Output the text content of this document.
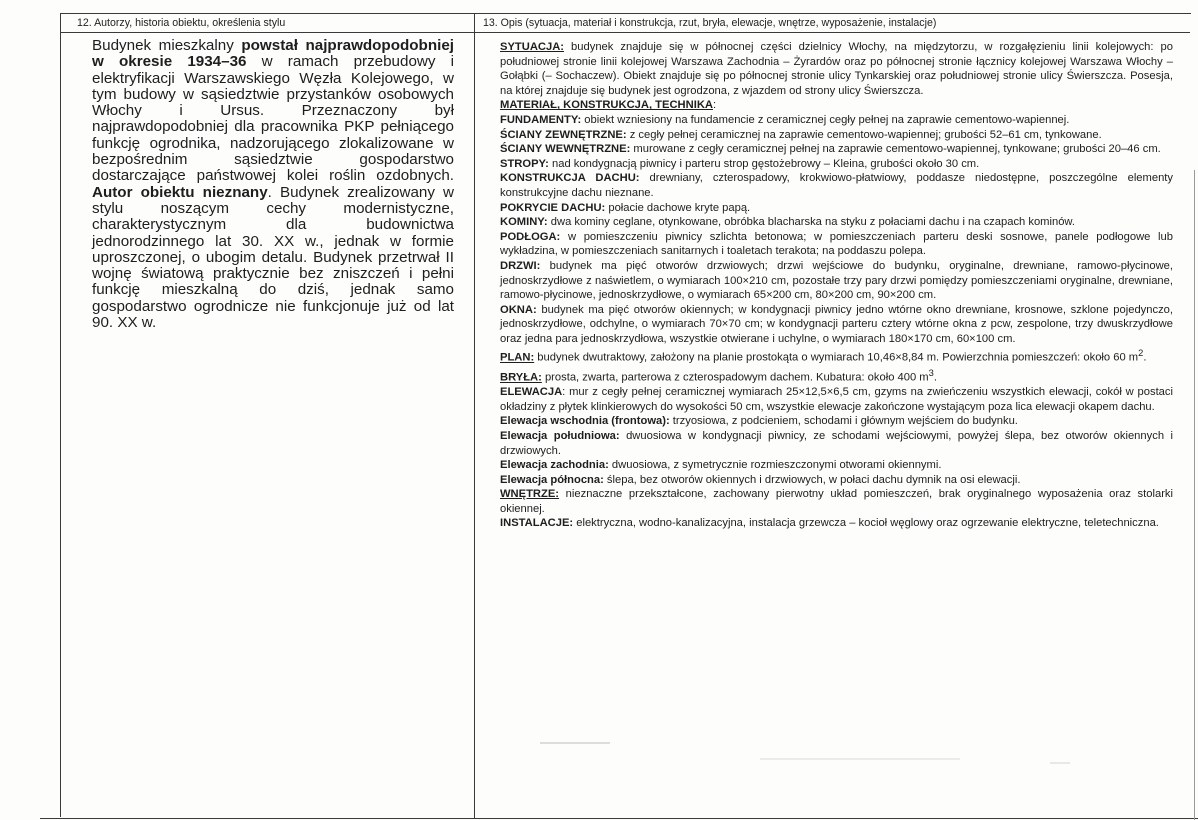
12. Autorzy, historia obiektu, określenia stylu	13. Opis (sytuacja, materiał i konstrukcja, rzut, bryła, elewacje, wnętrze, wyposażenie, instalacje)
Budynek mieszkalny powstał najprawdopodobniej w okresie 1934–36 w ramach przebudowy i elektryfikacji Warszawskiego Węzła Kolejowego, w tym budowy w sąsiedztwie przystanków osobowych Włochy i Ursus. Przeznaczony był najprawdopodobniej dla pracownika PKP pełniącego funkcję ogrodnika, nadzorującego zlokalizowane w bezpośrednim sąsiedztwie gospodarstwo dostarczające państwowej kolei roślin ozdobnych. Autor obiektu nieznany. Budynek zrealizowany w stylu noszącym cechy modernistyczne, charakterystycznym dla budownictwa jednorodzinnego lat 30. XX w., jednak w formie uproszczonej, o ubogim detalu. Budynek przetrwał II wojnę światową praktycznie bez zniszczeń i pełni funkcję mieszkalną do dziś, jednak samo gospodarstwo ogrodnicze nie funkcjonuje już od lat 90. XX w.

SYTUACJA: budynek znajduje się w północnej części dzielnicy Włochy, na międzytorzu, w rozgałęzieniu linii kolejowych: po południowej stronie linii kolejowej Warszawa Zachodnia – Żyrardów oraz po północnej stronie łącznicy kolejowej Warszawa Włochy – Gołąbki (– Sochaczew). Obiekt znajduje się po północnej stronie ulicy Tynkarskiej oraz południowej stronie ulicy Świerszcza. Posesja, na której znajduje się budynek jest ogrodzona, z wjazdem od strony ulicy Świerszcza.

MATERIAŁ, KONSTRUKCJA, TECHNIKA:

FUNDAMENTY: obiekt wzniesiony na fundamencie z ceramicznej cegły pełnej na zaprawie cementowo-wapiennej.

ŚCIANY ZEWNĘTRZNE: z cegły pełnej ceramicznej na zaprawie cementowo-wapiennej; grubości 52–61 cm, tynkowane.

ŚCIANY WEWNĘTRZNE: murowane z cegły ceramicznej pełnej na zaprawie cementowo-wapiennej, tynkowane; grubości 20–46 cm.

STROPY: nad kondygnacją piwnicy i parteru strop gęstożebrowy – Kleina, grubości około 30 cm.

KONSTRUKCJA DACHU: drewniany, czterospadowy, krokwiowo-płatwiowy, poddasze niedostępne, poszczególne elementy konstrukcyjne dachu nieznane.

POKRYCIE DACHU: połacie dachowe kryte papą.

KOMINY: dwa kominy ceglane, otynkowane, obróbka blacharska na styku z połaciami dachu i na czapach kominów.

PODŁOGA: w pomieszczeniu piwnicy szlichta betonowa; w pomieszczeniach parteru deski sosnowe, panele podłogowe lub wykładzina, w pomieszczeniach sanitarnych i toaletach terakota; na poddaszu polepa.

DRZWI: budynek ma pięć otworów drzwiowych; drzwi wejściowe do budynku, oryginalne, drewniane, ramowo-płycinowe, jednoskrzydłowe z naświetlem, o wymiarach 100×210 cm, pozostałe trzy pary drzwi pomiędzy pomieszczeniami oryginalne, drewniane, ramowo-płycinowe, jednoskrzydłowe, o wymiarach 65×200 cm, 80×200 cm, 90×200 cm.

OKNA: budynek ma pięć otworów okiennych; w kondygnacji piwnicy jedno wtórne okno drewniane, krosnowe, szklone pojedynczo, jednoskrzydłowe, odchylne, o wymiarach 70×70 cm; w kondygnacji parteru cztery wtórne okna z pcw, zespolone, trzy dwuskrzydłowe oraz jedna para jednoskrzydłowa, wszystkie otwierane i uchylne, o wymiarach 180×170 cm, 60×100 cm.

PLAN: budynek dwutraktowy, założony na planie prostokąta o wymiarach 10,46×8,84 m. Powierzchnia pomieszczeń: około 60 $m^2$.

BRYŁA: prosta, zwarta, parterowa z czterospadowym dachem. Kubatura: około 400 $m^3$.

ELEWACJA: mur z cegły pełnej ceramicznej wymiarach 25×12,5×6,5 cm, gzyms na zwieńczeniu wszystkich elewacji, cokół w postaci okładziny z płytek klinkierowych do wysokości 50 cm, wszystkie elewacje zakończone wystającym poza lica elewacji okapem dachu.

Elewacja wschodnia (frontowa): trzyosiowa, z podcieniem, schodami i głównym wejściem do budynku.

Elewacja południowa: dwuosiowa w kondygnacji piwnicy, ze schodami wejściowymi, powyżej ślepa, bez otworów okiennych i drzwiowych.

Elewacja zachodnia: dwuosiowa, z symetrycznie rozmieszczonymi otworami okiennymi.

Elewacja północna: ślepa, bez otworów okiennych i drzwiowych, w połaci dachu dymnik na osi elewacji.

WNĘTRZE: nieznaczne przekształcone, zachowany pierwotny układ pomieszczeń, brak oryginalnego wyposażenia oraz stolarki okiennej.

INSTALACJE: elektryczna, wodno-kanalizacyjna, instalacja grzewcza – kocioł węglowy oraz ogrzewanie elektryczne, teletechniczna.
